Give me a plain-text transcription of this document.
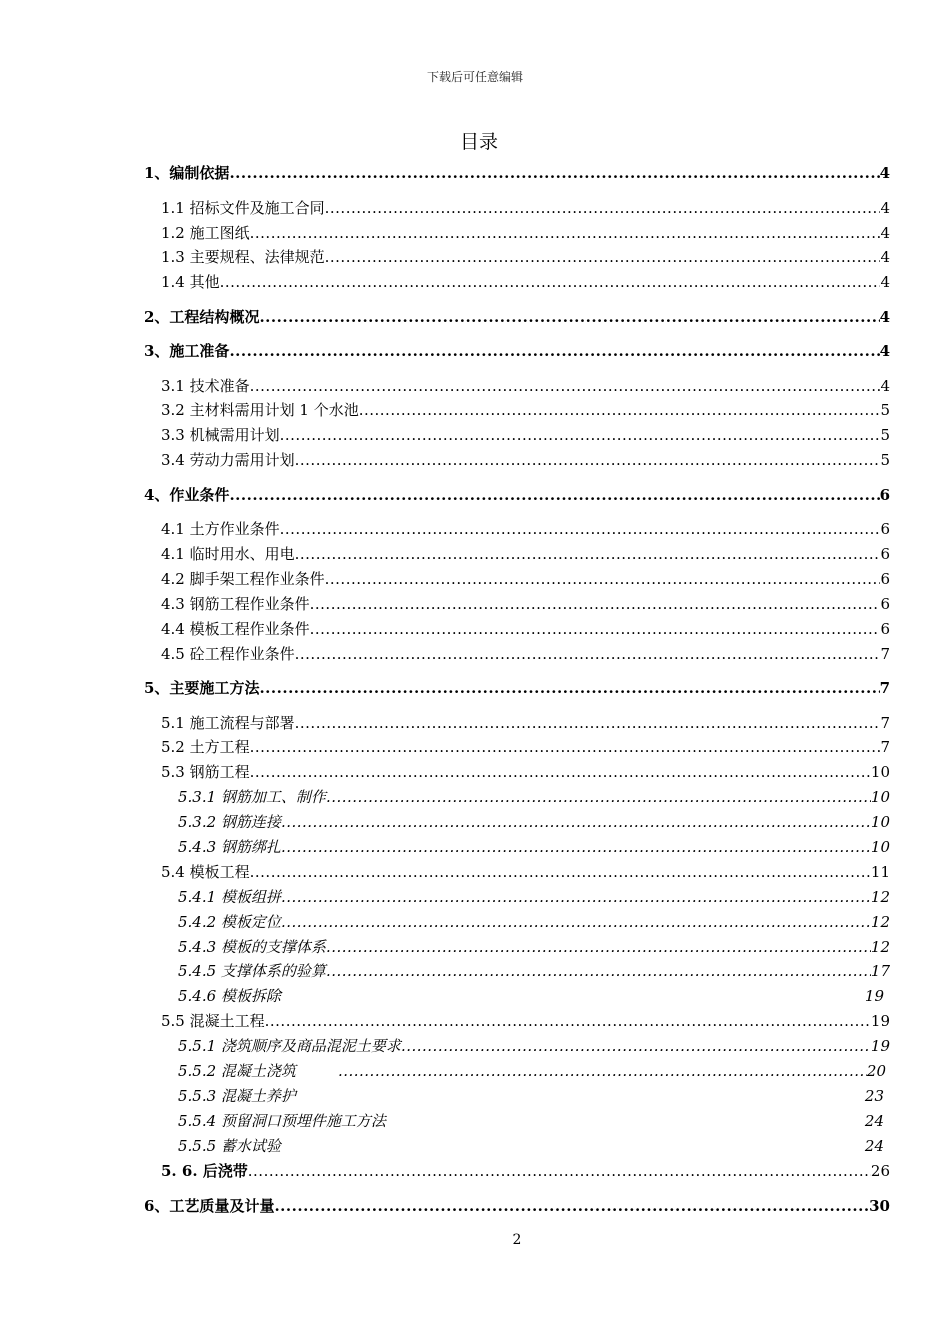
下载后可任意编辑
目录
1、编制依据 .....	4
1.1 招标文件及施工合同 .....	4
1.2 施工图纸 .....	4
1.3 主要规程、法律规范 .....	4
1.4 其他 .....	4
2、工程结构概况 .....	4
3、施工准备 .....	4
3.1 技术准备 .....	4
3.2 主材料需用计划 1 个水池 .....	5
3.3 机械需用计划 .....	5
3.4 劳动力需用计划 .....	5
4、作业条件 .....	6
4.1 土方作业条件 .....	6
4.1 临时用水、用电 .....	6
4.2 脚手架工程作业条件 .....	6
4.3 钢筋工程作业条件 .....	6
4.4 模板工程作业条件 .....	6
4.5 砼工程作业条件 .....	7
5、主要施工方法 .....	7
5.1 施工流程与部署 .....	7
5.2 土方工程 .....	7
5.3 钢筋工程 .....	10
5.3.1 钢筋加工、制作 .....	10
5.3.2 钢筋连接 .....	10
5.4.3 钢筋绑扎 .....	10
5.4 模板工程 .....	11
5.4.1 模板组拼 .....	12
5.4.2 模板定位 .....	12
5.4.3 模板的支撑体系 .....	12
5.4.5 支撑体系的验算 .....	17
5.4.6 模板拆除	19
5.5 混凝土工程 .....	19
5.5.1 浇筑顺序及商品混泥土要求 .....	19
5.5.2 混凝土浇筑 .....	20
5.5.3 混凝土养护	23
5.5.4 预留洞口预埋件施工方法	24
5.5.5 蓄水试验	24
5. 6. 后浇带 .....	26
6、工艺质量及计量 .....	30
2
